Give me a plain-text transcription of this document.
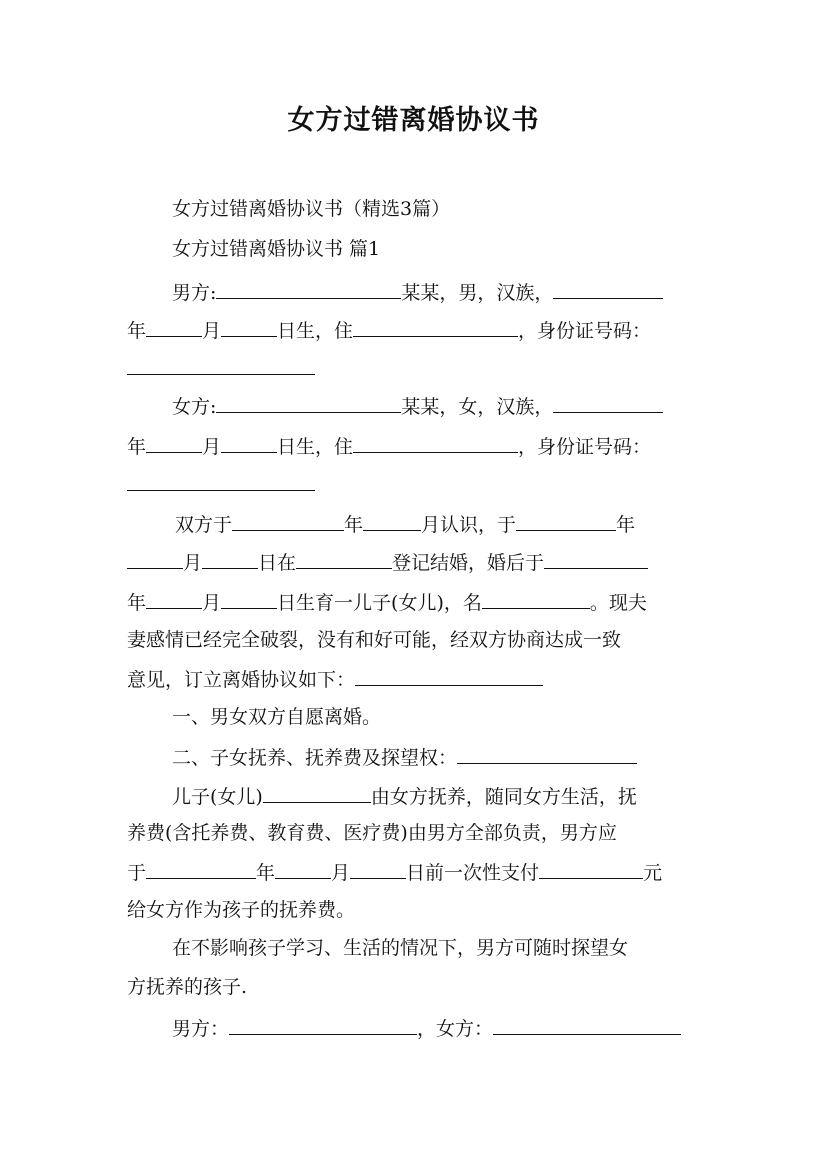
女方过错离婚协议书
女方过错离婚协议书（精选3篇）
女方过错离婚协议书 篇1
男方:	某某，男，汉族，
年	月	日生，住	，身份证号码：
女方:	某某，女，汉族，
年	月	日生，住	，身份证号码：
双方于	年	月认识，于	年
月	日在	登记结婚，婚后于
年	月	日生育一儿子(女儿)，名	。现夫
妻感情已经完全破裂，没有和好可能，经双方协商达成一致
意见，订立离婚协议如下：
一、男女双方自愿离婚。
二、子女抚养、抚养费及探望权：
儿子(女儿)	由女方抚养，随同女方生活，抚
养费(含托养费、教育费、医疗费)由男方全部负责，男方应
于	年	月	日前一次性支付	元
给女方作为孩子的抚养费。
在不影响孩子学习、生活的情况下，男方可随时探望女
方抚养的孩子.
男方：	，女方：
